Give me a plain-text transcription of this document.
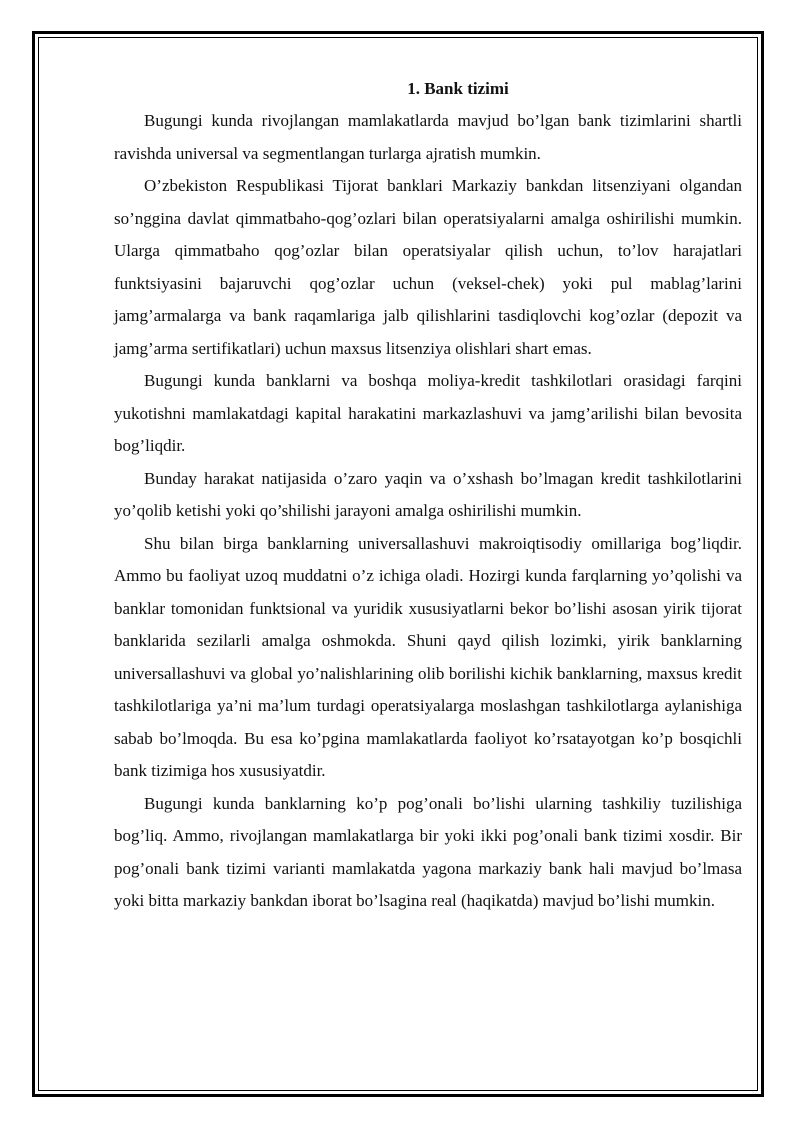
1. Bank tizimi

Bugungi kunda rivojlangan mamlakatlarda mavjud bo’lgan bank tizimlarini shartli ravishda universal va segmentlangan turlarga ajratish mumkin.

O’zbekiston Respublikasi Tijorat banklari Markaziy bankdan litsenziyani olgandan so’nggina davlat qimmatbaho-qog’ozlari bilan operatsiyalarni amalga oshirilishi mumkin. Ularga qimmatbaho qog’ozlar bilan operatsiyalar qilish uchun, to’lov harajatlari funktsiyasini bajaruvchi qog’ozlar uchun (veksel-chek) yoki pul mablag’larini jamg’armalarga va bank raqamlariga jalb qilishlarini tasdiqlovchi kog’ozlar (depozit va jamg’arma sertifikatlari) uchun maxsus litsenziya olishlari shart emas.

Bugungi kunda banklarni va boshqa moliya-kredit tashkilotlari orasidagi farqini yukotishni mamlakatdagi kapital harakatini markazlashuvi va jamg’arilishi bilan bevosita bog’liqdir.

Bunday harakat natijasida o’zaro yaqin va o’xshash bo’lmagan kredit tashkilotlarini yo’qolib ketishi yoki qo’shilishi jarayoni amalga oshirilishi mumkin.

Shu bilan birga banklarning universallashuvi makroiqtisodiy omillariga bog’liqdir. Ammo bu faoliyat uzoq muddatni o’z ichiga oladi. Hozirgi kunda farqlarning yo’qolishi va banklar tomonidan funktsional va yuridik xususiyatlarni bekor bo’lishi asosan yirik tijorat banklarida sezilarli amalga oshmokda. Shuni qayd qilish lozimki, yirik banklarning universallashuvi va global yo’nalishlarining olib borilishi kichik banklarning, maxsus kredit tashkilotlariga ya’ni ma’lum turdagi operatsiyalarga moslashgan tashkilotlarga aylanishiga sabab bo’lmoqda. Bu esa ko’pgina mamlakatlarda faoliyot ko’rsatayotgan ko’p bosqichli bank tizimiga hos xususiyatdir.

Bugungi kunda banklarning ko’p pog’onali bo’lishi ularning tashkiliy tuzilishiga bog’liq. Ammo, rivojlangan mamlakatlarga bir yoki ikki pog’onali bank tizimi xosdir. Bir pog’onali bank tizimi varianti mamlakatda yagona markaziy bank hali mavjud bo’lmasa yoki bitta markaziy bankdan iborat bo’lsagina real (haqikatda) mavjud bo’lishi mumkin.
